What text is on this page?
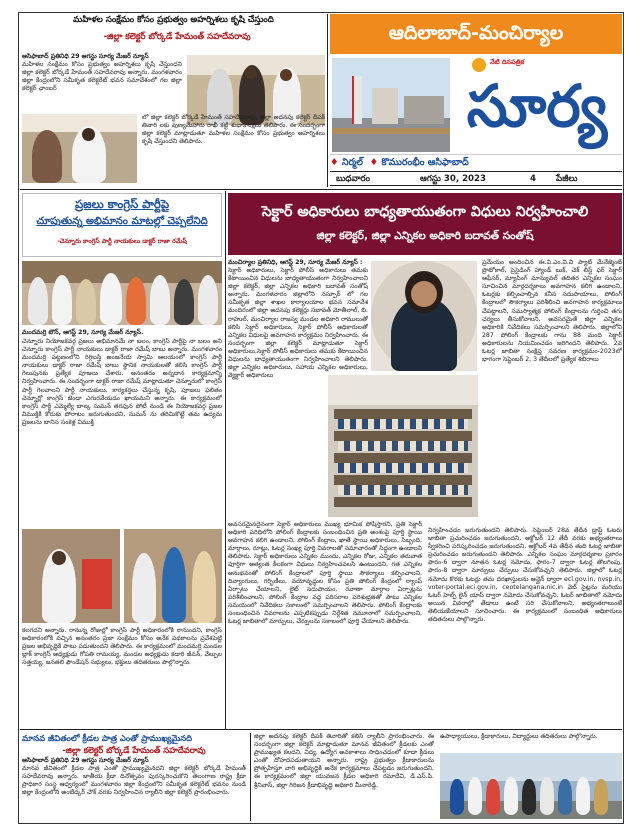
మహిళల సంక్షేమం కోసం ప్రభుత్వం అహర్నిశలు కృషి చేస్తుంది
-జిల్లా కలెక్టర్ బోర్కడే హేమంత్ సహదేవరావు
ఆసిఫాబాద్ ప్రతినిధి 29 ఆగస్టు సూర్య మేజర్ న్యూస్
మహిళల సంక్షేమం కోసం ప్రభుత్వం అహర్నిశలు కృషి చేస్తుందని జిల్లా కలెక్టర్ బోర్కడే హేమంత్ సహదేవరావు అన్నారు. మంగళవారం జిల్లా కేంద్రంలోని సమీకృత కలెక్టరేట్ భవన సమావేశంలో గల జిల్లా కలెక్టర్ ఛాంబర్
లో జిల్లా కలెక్టర్ బోర్కడే హేమంత్ సహదేవరావు, జిల్లా అదనపు కలెక్టర్ దీపక్ తివారి లకు వుణ్యమేహారు రాఖీ కట్టి శుభాకాంక్షలు తెలిపారు. ఈ సందర్భంగా జిల్లా కలెక్టర్ మాట్లాడుతూ మహిళల సంక్షేమం కోసం ప్రభుత్వం అహర్నిశలు కృషి చేస్తుందని తెలిపారు.
ఆదిలాబాద్-మంచిర్యాల
నేటి దినపత్రిక
సూర్య
♦ నిర్మల్ ♦ కొమురంభీం ఆసిఫాబాద్
బుధవారం	ఆగస్టు 30, 2023	4 పేజీలు
ప్రజలు కాంగ్రెస్ పార్టీపై
చూపుతున్న అభిమానం మాటల్లో చెప్పలేనిది
-చెన్నూరు కాంగ్రెస్ పార్టీ నాయకులు డాక్టర్ రాజా రమేష్
మందమర్రి టౌన్, ఆగస్ట్ 29, సూర్య మేజర్ న్యూస్.
చెన్నూరు నియోజకవర్గ ప్రజలు అభిమానమే నా బలం, కాంగ్రెస్ పార్టీపై నా బలం అని చెన్నూరు కాంగ్రెస్ పార్టీ నాయకులు డాక్టర్ రాజా రమేష్ బాబు అన్నారు. మంగళవారం మందమర్రి పట్టణంలోని రిగ్గిబస్తి అంజనేయ స్వామి ఆలయంలో కాంగ్రెస్ పార్టీ నాయకులు డాక్టర్ రాజా రమేష్ బాబు స్థానిక నాయకులతో కలిసి కాంగ్రెస్ పార్టీ గెలుపునకు ప్రత్యేక పూజలు చేశారు. అనంతరం అన్నదాన కార్యక్రమాన్ని నిర్వహించారు. ఈ సందర్భంగా డాక్టర్ రాజా రమేష్ మాట్లాడుతూ చెన్నూరులో కాంగ్రెస్ పార్టీ గెలవాలని పార్టీ నాయకులు, కార్యకర్తలు చేస్తున్న కృషి, పూజలు ఫలితం చెన్నూర్లో కాంగ్రెస్ జెండా ఎగురవేయడం ఖాయమని అన్నారు. ఈ కార్యక్రమంలో కాంగ్రెస్ పార్టీ ఎమ్మెల్యే బాల్క సుమన్ తరఫున పోటీ నుండి ఈ నియోజకవర్గ ప్రజల విముక్తికి కోరుకు పోరాటం జరుగుతుందని, సుమన్ ను తరిమికొట్టే తమ ఉద్యమ ప్రజలను బానిస సంకెళ్ల విముక్తి
కలగదని అన్నారు. రానున్న రోజుల్లో కాంగ్రెస్ పార్టీ అధికారంలోకి రానుందని, కాంగ్రెస్ అధికారంలోకి వచ్చిన అనంతరం ప్రజా సంక్షేమం కోసం అనేక పథకాలను ప్రవేశపెట్టి ప్రజల అభివృద్ధికి పాటు పడుతుందని తెలిపారు. ఈ కార్యక్రమంలో మందమర్రి మండల బ్లాక్ కాంగ్రెస్ అధ్యక్షుడు గోపతి రామయ్య, మండల అధ్యక్షుడు కడారి జీవన్, వేల్పుల సత్తయ్య, జనతలి ఫౌండేషన్ సభ్యులు, భక్తులు తదితరులు పాల్గొన్నారు.
సెక్టార్ అధికారులు బాధ్యతాయుతంగా విధులు నిర్వహించాలి
జిల్లా కలెక్టర్, జిల్లా ఎన్నికల అధికారి బదావత్ సంతోష్
మంచిర్యాల ప్రతినిధి, ఆగస్ట్ 29, సూర్య మేజర్ న్యూస్ :
సెక్టార్ అధికారులు, సెక్టార్ పోలీస్ అధికారులు తమకు కేటాయించిన విధులను బాధ్యతాయుతంగా నిర్వహించాలని జిల్లా కలెక్టర్, జిల్లా ఎన్నికల అధికారి బదావత్ సంతోష్ అన్నారు. మంగళవారం జిల్లాలోని నస్పూర్ లో గల సమీకృత జిల్లా శాఖల కార్యాలయాల భవన సమావేశ మందిరంలో జిల్లా అదనపు కలెక్టర్లు సబావత్ మోతీలాల్, బి. రాహుల్, మంచిర్యాల రాజస్వ మండల అధికారి రాములుతో కలిసి సెక్టార్ అధికారులు, సెక్టార్ పోలీస్ అధికారులతో ఎన్నికల విధులపై అవగాహన కార్యక్రమం నిర్వహించారు. ఈ సందర్భంగా జిల్లా కలెక్టర్ మాట్లాడుతూ సెక్టార్ అధికారులు,సెక్టార్ పోలీస్ అధికారులు తమకు కేటాయించిన విధులను బాధ్యతాయుతంగా నిర్వహించాలని తెలిపారు. జిల్లా ఎన్నికల అధికారులు, సహాయ ఎన్నికల అధికారులు, వ్యెక్టార్ అధికారులు
ప్రమేయం అందించిన ఈ.వి.ఎం.వి.వి ప్యాట్ మేనేజ్మెంట్ ప్రొటోకాల్, ప్రెసైడింగ్ హ్యాండ్ బుక్, చెక్ లిస్ట్ ఫర్ సెక్టార్ ఆఫీసర్, మ్యాపింగ్ మాన్యువల్ తదితర ఎన్నికల సంఘం సూచించిన మార్గదర్శకాలు అవగాహన కలిగి ఉండాలని, ఓటర్లకు కల్పించాల్సిన కనీస సదుపాయాలు, పోలింగ్ కేంద్రాలలో సౌకర్యాలు పరిశీలించి అవగాహన కార్యక్రమాలు చేపట్టాలని, సమస్యాత్మక పోలింగ్ కేంద్రాలను గుర్తించి తగు చర్యలు తీసుకోవాలని, అవసరమైతే జిల్లా ఎన్నికల అధికారికి నివేదికలు సమర్పించాలని తెలిపారు. జిల్లాలోని 287 పోలింగ్ కేంద్రాలకు గాను 88 మంది సెక్టార్ అధికారులను నియమించడం జరిగిందని తెలిపారు. 2వ ఓటర్ల జాబితా సంక్షిప్త సవరణ కార్యక్రమం-2023లో భాగంగా సెప్టెంబర్ 2, 3 తేదీలలో ప్రత్యేక శిబిరాలు
అవసరమైనదైనంగా సెక్టార్ అధికారులు ముఖ్య భూమిక పోషిస్తారని, ప్రతి సెక్టార్ అధికారి పరిధిలోని పోలింగ్ కేంద్రాలకు సంబంధించిన ప్రతి అంశంపై పూర్తి స్థాయి అవగాహన కలిగి ఉండాలని, పోలింగ్ కేంద్రాల, ఖాతే స్థాయి అధికారులు, సిబ్బంది, మార్గాలు, రూట్లు, ఓటర్ల సంఖ్య పూర్తి వివరాలతో సమాచారంతో సిద్ధంగా ఉండాలని తెలిపారు. సెక్టార్ అధికారులు ఎన్నికల ముందు, ఎన్నికల రోజు, ఎన్నికల తరువాత పూర్తిగా అత్యంత కీలకంగా విధులు నిర్వహించవలసి ఉంటుందని, గత ఎన్నికల అనుభవంతో పోలింగ్ కేంద్రాలలో పూర్తి స్థాయి సౌకర్యాలు కల్పించాలని, దివ్యాంగులు, గర్భిణీలు, వయోవృద్ధుల కోసం ప్రతి పోలింగ్ కేంద్రంలో ర్యాంప్ ఏర్పాటు చేయాలని, లైట్ సదుపాయం, రవాణా మార్గాల ఏర్పాట్లను పరిశీలించాలని, పోలింగ్ కేంద్రాల వద్ద పరిసరాల పరిశుభ్రతతో పాటు ఎన్నికల సమయంలో నివేదికలు సకాలంలో సమర్పించాలని తెలిపారు. పోలింగ్ కేంద్రాలకు సంబంధించిన వివరాలను ఎప్పటికప్పుడు నిర్దేశిత నమూనాలో సమర్పించాలని, ఓటర్ల జాబితాలో మార్పులు, చేర్పులను సకాలంలో పూర్తి చేయాలని తెలిపారు.
నిర్వహించడం జరుగుతుందని తెలిపారు. సెప్టెంబర్ 28వ తేదీన డ్రాఫ్ట్ ఓటరు జాబితా ప్రచురించడం జరుగుతుందని, అక్టోబర్ 12 తేదీ వరకు అభ్యంతరాలు స్వీకరించి పరిష్కరించడం జరుగుతుందని, అక్టోబర్ 4వ తేదీన తుది ఓటర్ల జాబితా ప్రచురించడం జరుగుతుందని తెలిపారు. ఎన్నికల సంఘం మార్గదర్శకాల ప్రకారం ఫారం-6 ద్వారా నూతన ఓటర్ల నమోదు, ఫారం-7 ద్వారా ఓటర్ల తొలగింపు, ఫారం-8 ద్వారా మార్పులు చేర్పులు చేసుకోవచ్చని తెలిపారు. జిల్లాలో ఓటర్ల నమోదు కొరకు ఓటర్లు తమ దరఖాస్తులను ఆన్లైన్ ద్వారా ecl.gov.in, nvsp.in, voter-portal.eci.gov.in, ceotelangana.nic.in వెబ్ సైట్లను మరియు ఓటర్ హెల్ప్ లైన్ యాప్ ద్వారా నమోదు చేసుకోవచ్చని, ఓటర్ జాబితాలో నమోదు అయిన వివరాల్లో తేడాలు ఉంటే సరి చేసుకోవాలని, అభ్యంతరాలుంటే తెలియజేయాలని సూచించారు. ఈ కార్యక్రమంలో సంబంధిత అధికారులు తదితరులు పాల్గొన్నారు.
మానవ జీవితంలో క్రీడల పాత్ర ఎంతో ప్రాముఖ్యమైనది
-జిల్లా కలెక్టర్ బోర్కడే హేమంత్ సహదేవరావు
ఆసిఫాబాద్ ప్రతినిధి 29 ఆగస్టు సూర్య మేజర్ న్యూస్
మానవ జీవితంలో క్రీడల పాత్ర ఎంతో ప్రాముఖ్యమైనదని జిల్లా కలెక్టర్ బోర్కడే హేమంత్ సహదేవరావు అన్నారు. జాతీయ క్రీడా దినోత్సవం పురస్కరించుకొని తెలంగాణ రాష్ట్ర క్రీడా ప్రాధికార సంస్థ ఆధ్వర్యంలో మంగళవారం జిల్లా కేంద్రంలోని సమీకృత కలెక్టరేట్ భవనం నుండి జిల్లా కేంద్రంలోని అంబేద్కర్ చౌక్ వరకు నిర్వహించిన ర్యాలీని జిల్లా కలెక్టర్ ప్రారంభించారు.
జిల్లా అదనపు కలెక్టర్ దీపక్ తివారితో కలిసి ర్యాలీని ప్రారంభించారు. ఈ సందర్భంగా జిల్లా కలెక్టర్ మాట్లాడుతూ మానవ జీవితంలో క్రీడలకు ఎంతో ప్రాముఖ్యత కలదని, విద్య, ఉద్యోగ అవకాశాలు సాధించడంలో కూడా క్రీడలు ఎంతో దోహదపడుతాయని అన్నారు. రాష్ట్ర ప్రభుత్వం క్రీడాకారులను ప్రోత్సహిస్తూ వారి అభివృద్ధికి అనేక కార్యక్రమాలు చేపట్టడం జరుగుతుందని, ఈ కార్యక్రమంలో జిల్లా యువజన క్రీడల అధికారి రమాదేవి, డి.ఎస్.పి. శ్రీనివాస్, జిల్లా గిరిజన క్రీడాభివృద్ధి అధికారి మీనారెడ్డి,
ఉపాధ్యాయులు, క్రీడాకారులు, విద్యార్థులు తదితరులు పాల్గొన్నారు.
